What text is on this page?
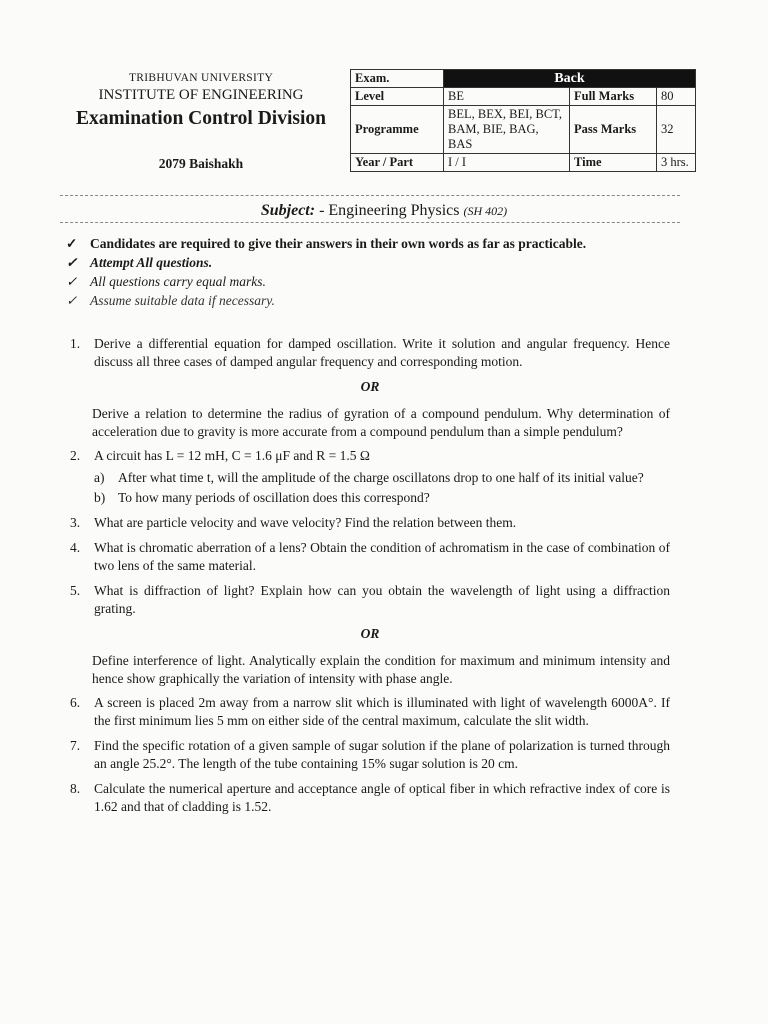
TRIBHUVAN UNIVERSITY
INSTITUTE OF ENGINEERING
Examination Control Division
2079 Baishakh
Exam.	Back		
Level	BE	Full Marks	80
Programme	BEL, BEX, BEI, BCT, BAM, BIE, BAG, BAS	Pass Marks	32
Year / Part	I / I	Time	3 hrs.
Subject: - Engineering Physics (SH 402)
✓ Candidates are required to give their answers in their own words as far as practicable.
✓ Attempt All questions.
✓ All questions carry equal marks.
✓ Assume suitable data if necessary.
1.	Derive a differential equation for damped oscillation. Write it solution and angular frequency. Hence discuss all three cases of damped angular frequency and corresponding motion.
OR
Derive a relation to determine the radius of gyration of a compound pendulum. Why determination of acceleration due to gravity is more accurate from a compound pendulum than a simple pendulum?
2.	A circuit has L = 12 mH, C = 1.6 μF and R = 1.5 Ω
a)	After what time t, will the amplitude of the charge oscillatons drop to one half of its initial value?
b) To how many periods of oscillation does this correspond?
3.	What are particle velocity and wave velocity? Find the relation between them.
4.	What is chromatic aberration of a lens? Obtain the condition of achromatism in the case of combination of two lens of the same material.
5.	What is diffraction of light? Explain how can you obtain the wavelength of light using a diffraction grating.
OR
Define interference of light. Analytically explain the condition for maximum and minimum intensity and hence show graphically the variation of intensity with phase angle.
6.	A screen is placed 2m away from a narrow slit which is illuminated with light of wavelength 6000A°. If the first minimum lies 5 mm on either side of the central maximum, calculate the slit width.
7.	Find the specific rotation of a given sample of sugar solution if the plane of polarization is turned through an angle 25.2°. The length of the tube containing 15% sugar solution is 20 cm.
8.	Calculate the numerical aperture and acceptance angle of optical fiber in which refractive index of core is 1.62 and that of cladding is 1.52.
